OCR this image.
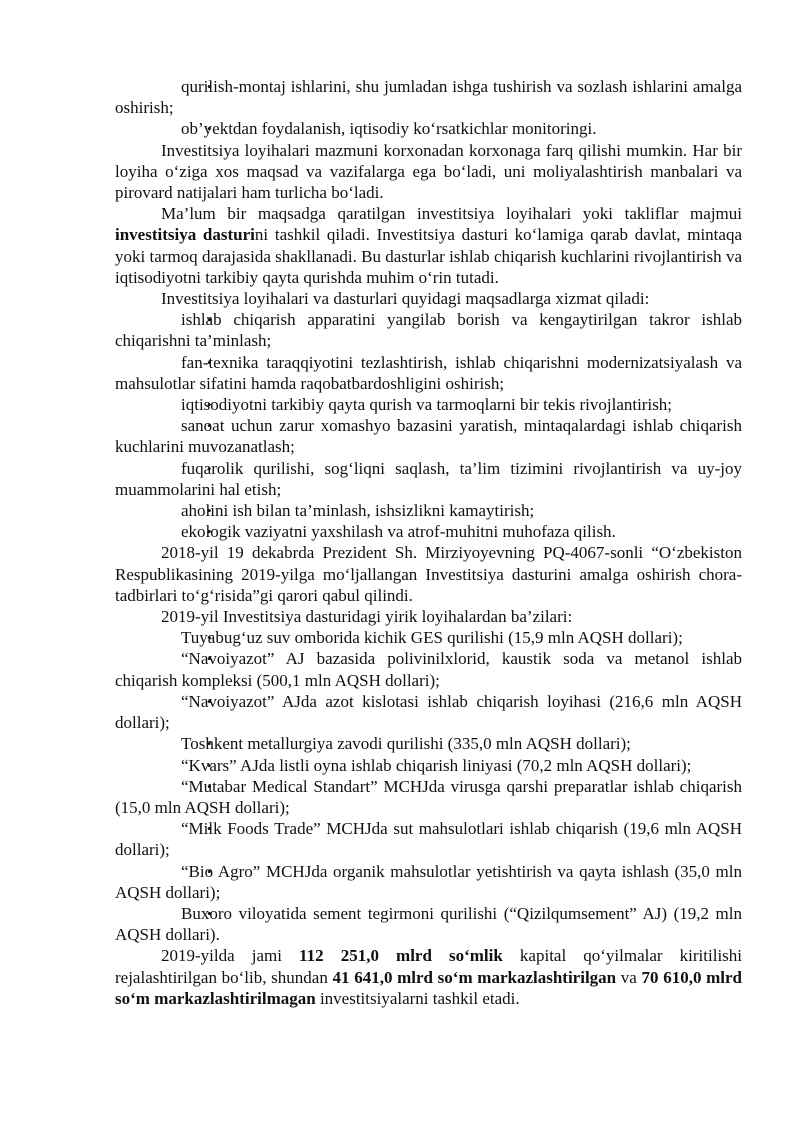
• qurilish-montaj ishlarini, shu jumladan ishga tushirish va sozlash ishlarini amalga oshirish;

• ob’yektdan foydalanish, iqtisodiy ko‘rsatkichlar monitoringi.

Investitsiya loyihalari mazmuni korxonadan korxonaga farq qilishi mumkin. Har bir loyiha o‘ziga xos maqsad va vazifalarga ega bo‘ladi, uni moliyalashtirish manbalari va pirovard natijalari ham turlicha bo‘ladi.

Ma’lum bir maqsadga qaratilgan investitsiya loyihalari yoki takliflar majmui investitsiya dasturini tashkil qiladi. Investitsiya dasturi ko‘lamiga qarab davlat, mintaqa yoki tarmoq darajasida shakllanadi. Bu dasturlar ishlab chiqarish kuchlarini rivojlantirish va iqtisodiyotni tarkibiy qayta qurishda muhim o‘rin tutadi.

Investitsiya loyihalari va dasturlari quyidagi maqsadlarga xizmat qiladi:

• ishlab chiqarish apparatini yangilab borish va kengaytirilgan takror ishlab chiqarishni ta’minlash;

• fan-texnika taraqqiyotini tezlashtirish, ishlab chiqarishni modernizatsiyalash va mahsulotlar sifatini hamda raqobatbardoshligini oshirish;

• iqtisodiyotni tarkibiy qayta qurish va tarmoqlarni bir tekis rivojlantirish;

• sanoat uchun zarur xomashyo bazasini yaratish, mintaqalardagi ishlab chiqarish kuchlarini muvozanatlash;

• fuqarolik qurilishi, sog‘liqni saqlash, ta’lim tizimini rivojlantirish va uy-joy muammolarini hal etish;

• aholini ish bilan ta’minlash, ishsizlikni kamaytirish;

• ekologik vaziyatni yaxshilash va atrof-muhitni muhofaza qilish.

2018-yil 19 dekabrda Prezident Sh. Mirziyoyevning PQ-4067-sonli “O‘zbekiston Respublikasining 2019-yilga mo‘ljallangan Investitsiya dasturini amalga oshirish chora-tadbirlari to‘g‘risida”gi qarori qabul qilindi.

2019-yil Investitsiya dasturidagi yirik loyihalardan ba’zilari:

• Tuyabug‘uz suv omborida kichik GES qurilishi (15,9 mln AQSH dollari);

• “Navoiyazot” AJ bazasida polivinilxlorid, kaustik soda va metanol ishlab chiqarish kompleksi (500,1 mln AQSH dollari);

• “Navoiyazot” AJda azot kislotasi ishlab chiqarish loyihasi (216,6 mln AQSH dollari);

• Toshkent metallurgiya zavodi qurilishi (335,0 mln AQSH dollari);

• “Kvars” AJda listli oyna ishlab chiqarish liniyasi (70,2 mln AQSH dollari);

• “Mutabar Medical Standart” MCHJda virusga qarshi preparatlar ishlab chiqarish (15,0 mln AQSH dollari);

• “Milk Foods Trade” MCHJda sut mahsulotlari ishlab chiqarish (19,6 mln AQSH dollari);

• “Bio Agro” MCHJda organik mahsulotlar yetishtirish va qayta ishlash (35,0 mln AQSH dollari);

• Buxoro viloyatida sement tegirmoni qurilishi (“Qizilqumsement” AJ) (19,2 mln AQSH dollari).

2019-yilda jami 112 251,0 mlrd so‘mlik kapital qo‘yilmalar kiritilishi rejalashtirilgan bo‘lib, shundan 41 641,0 mlrd so‘m markazlashtirilgan va 70 610,0 mlrd so‘m markazlashtirilmagan investitsiyalarni tashkil etadi.
